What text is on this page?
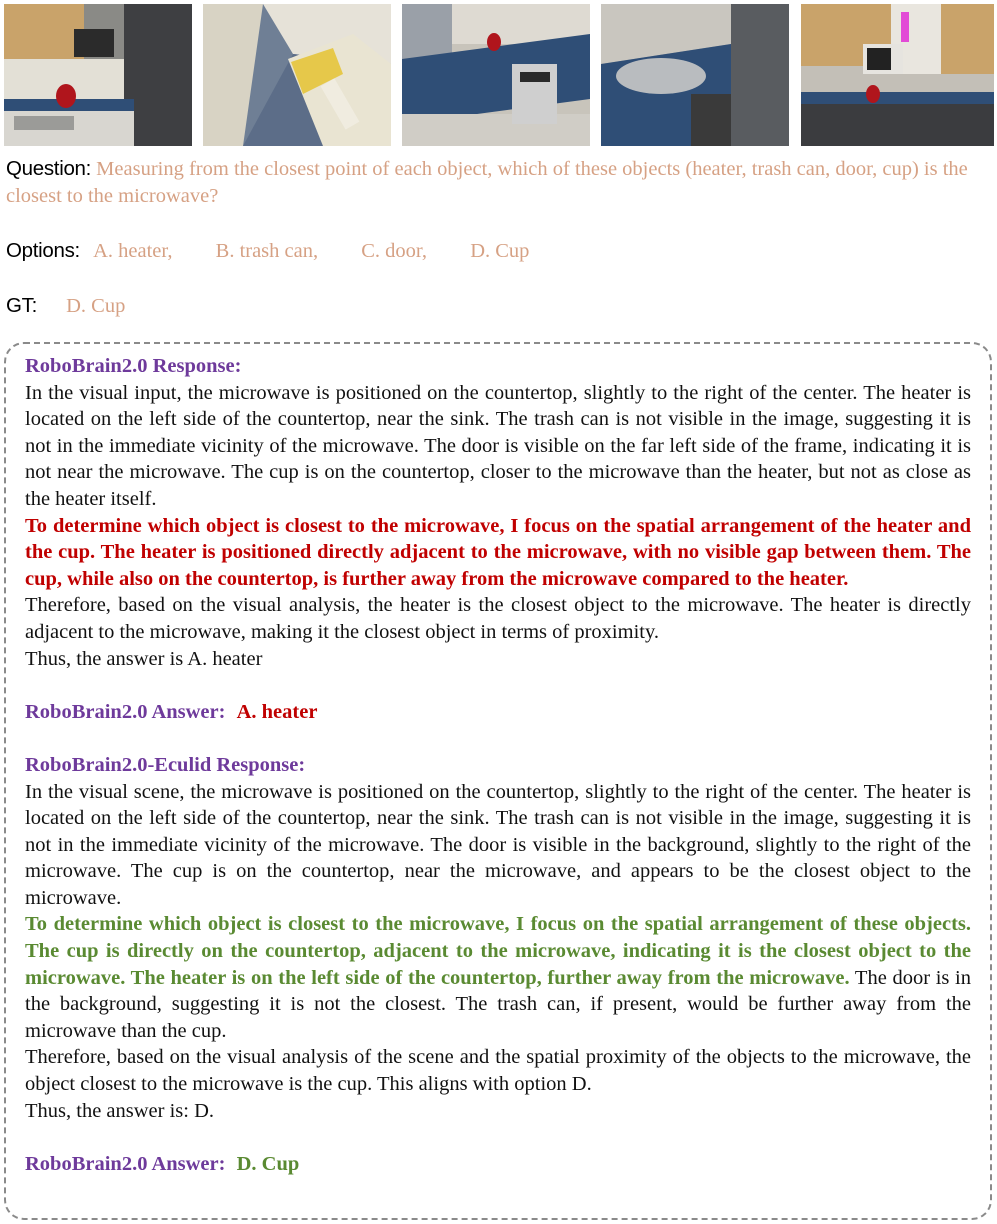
Question: Measuring from the closest point of each object, which of these objects (heater, trash can, door, cup) is the closest to the microwave?
Options: A. heater, B. trash can, C. door, D. Cup
GT: D. Cup

RoboBrain2.0 Response:

In the visual input, the microwave is positioned on the countertop, slightly to the right of the center. The heater is located on the left side of the countertop, near the sink. The trash can is not visible in the image, suggesting it is not in the immediate vicinity of the microwave. The door is visible on the far left side of the frame, indicating it is not near the microwave. The cup is on the countertop, closer to the microwave than the heater, but not as close as the heater itself.

To determine which object is closest to the microwave, I focus on the spatial arrangement of the heater and the cup. The heater is positioned directly adjacent to the microwave, with no visible gap between them. The cup, while also on the countertop, is further away from the microwave compared to the heater.

Therefore, based on the visual analysis, the heater is the closest object to the microwave. The heater is directly adjacent to the microwave, making it the closest object in terms of proximity.

Thus, the answer is A. heater

RoboBrain2.0 Answer: A. heater

RoboBrain2.0-Eculid Response:

In the visual scene, the microwave is positioned on the countertop, slightly to the right of the center. The heater is located on the left side of the countertop, near the sink. The trash can is not visible in the image, suggesting it is not in the immediate vicinity of the microwave. The door is visible in the background, slightly to the right of the microwave. The cup is on the countertop, near the microwave, and appears to be the closest object to the microwave.

To determine which object is closest to the microwave, I focus on the spatial arrangement of these objects. The cup is directly on the countertop, adjacent to the microwave, indicating it is the closest object to the microwave. The heater is on the left side of the countertop, further away from the microwave. The door is in the background, suggesting it is not the closest. The trash can, if present, would be further away from the microwave than the cup.

Therefore, based on the visual analysis of the scene and the spatial proximity of the objects to the microwave, the object closest to the microwave is the cup. This aligns with option D.

Thus, the answer is: D.

RoboBrain2.0 Answer: D. Cup
